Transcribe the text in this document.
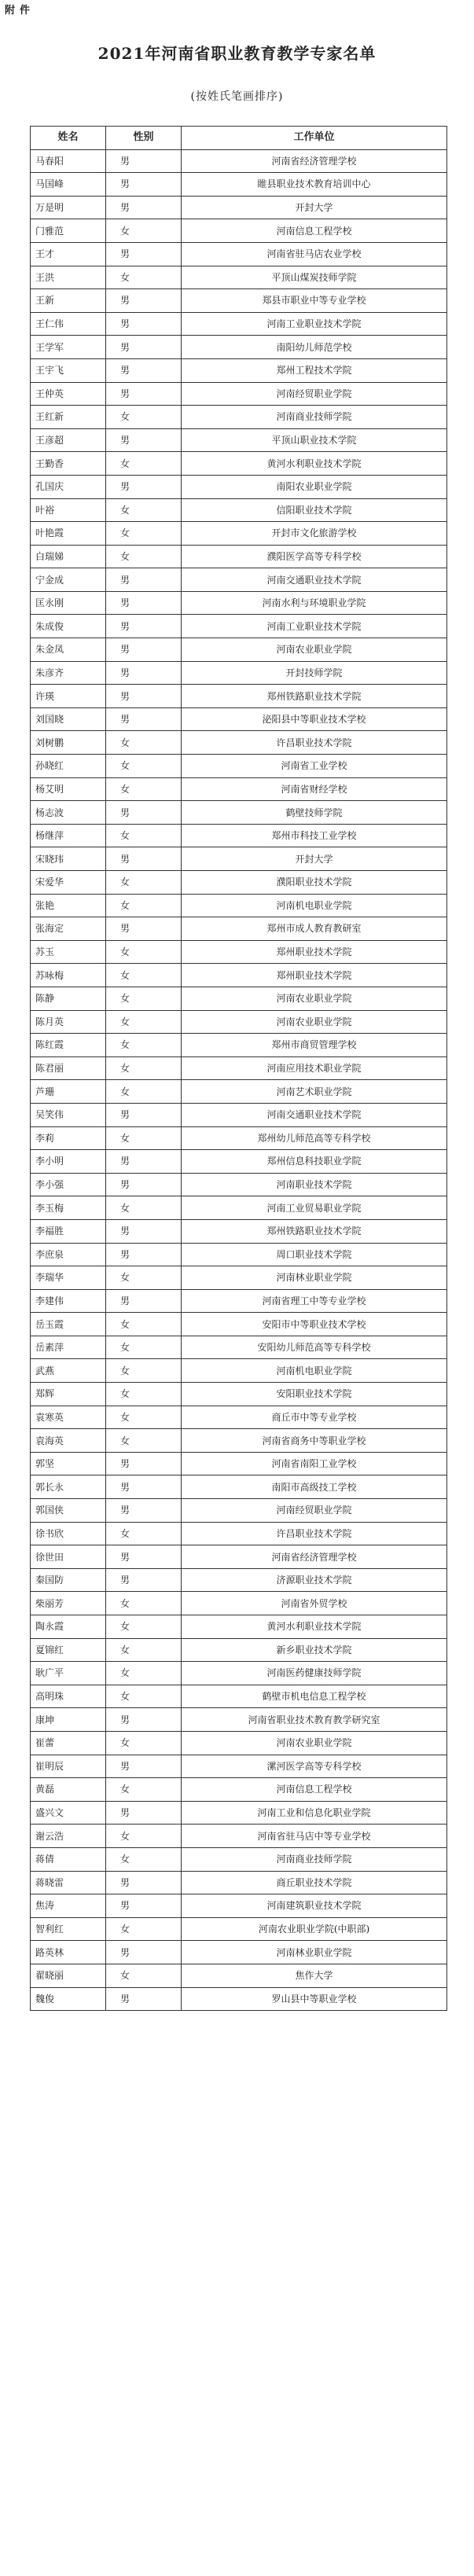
附件
2021年河南省职业教育教学专家名单
(按姓氏笔画排序)
姓名	性别	工作单位
马春阳	男	河南省经济管理学校
马国峰	男	睢县职业技术教育培训中心
万是明	男	开封大学
门雅范	女	河南信息工程学校
王才	男	河南省驻马店农业学校
王洪	女	平顶山煤炭技师学院
王新	男	郑县市职业中等专业学校
王仁伟	男	河南工业职业技术学院
王学军	男	南阳幼儿师范学校
王宇飞	男	郑州工程技术学院
王仲英	男	河南经贸职业学院
王红新	女	河南商业技师学院
王彦超	男	平顶山职业技术学院
王勤香	女	黄河水利职业技术学院
孔国庆	男	南阳农业职业学院
叶裕	女	信阳职业技术学院
叶艳霞	女	开封市文化旅游学校
白瑞娣	女	濮阳医学高等专科学校
宁金成	男	河南交通职业技术学院
匡永刚	男	河南水利与环境职业学院
朱成俊	男	河南工业职业技术学院
朱金凤	男	河南农业职业学院
朱彦齐	男	开封技师学院
许瑛	男	郑州铁路职业技术学院
刘国晓	男	泌阳县中等职业技术学校
刘树鹏	女	许昌职业技术学院
孙晓红	女	河南省工业学校
杨艾明	女	河南省财经学校
杨志波	男	鹤壁技师学院
杨继萍	女	郑州市科技工业学校
宋晓玮	男	开封大学
宋爱华	女	濮阳职业技术学院
张艳	女	河南机电职业学院
张海定	男	郑州市成人教育教研室
苏玉	女	郑州职业技术学院
苏咏梅	女	郑州职业技术学院
陈静	女	河南农业职业学院
陈月英	女	河南农业职业学院
陈红霞	女	郑州市商贸管理学校
陈君丽	女	河南应用技术职业学院
芦珊	女	河南艺术职业学院
吴笑伟	男	河南交通职业技术学院
李莉	女	郑州幼儿师范高等专科学校
李小明	男	郑州信息科技职业学院
李小强	男	河南职业技术学院
李玉梅	女	河南工业贸易职业学院
李福胜	男	郑州铁路职业技术学院
李庶泉	男	周口职业技术学院
李瑞华	女	河南林业职业学院
李建伟	男	河南省理工中等专业学校
岳玉霞	女	安阳市中等职业技术学校
岳素萍	女	安阳幼儿师范高等专科学校
武燕	女	河南机电职业学院
郑辉	女	安阳职业技术学院
袁寒英	女	商丘市中等专业学校
袁海英	女	河南省商务中等职业学校
郭坚	男	河南省南阳工业学校
郭长永	男	南阳市高级技工学校
郭国侠	男	河南经贸职业学院
徐书欣	女	许昌职业技术学院
徐世田	男	河南省经济管理学校
秦国防	男	济源职业技术学院
柴丽芳	女	河南省外贸学校
陶永霞	女	黄河水利职业技术学院
夏锦红	女	新乡职业技术学院
耿广平	女	河南医药健康技师学院
高明珠	女	鹤壁市机电信息工程学校
康坤	男	河南省职业技术教育教学研究室
崔蕾	女	河南农业职业学院
崔明辰	男	漯河医学高等专科学校
黄磊	女	河南信息工程学校
盛兴文	男	河南工业和信息化职业学院
谢云浩	女	河南省驻马店中等专业学校
蒋倩	女	河南商业技师学院
蒋晓雷	男	商丘职业技术学院
焦涛	男	河南建筑职业技术学院
智利红	女	河南农业职业学院(中职部)
路英林	男	河南林业职业学院
翟晓丽	女	焦作大学
魏俊	男	罗山县中等职业学校
